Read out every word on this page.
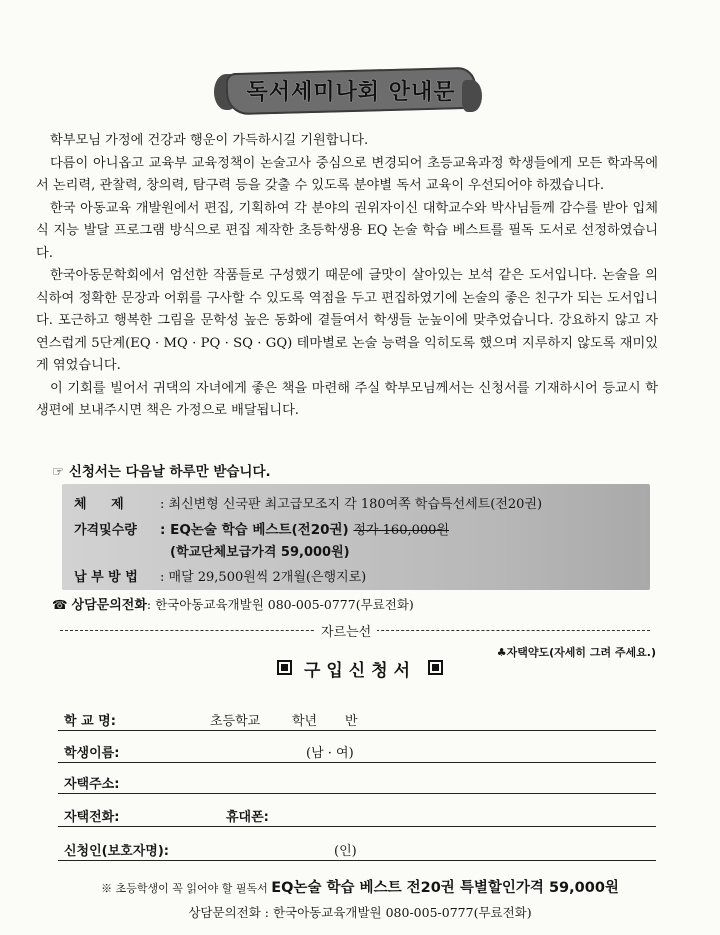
독서세미나회 안내문

학부모님 가정에 건강과 행운이 가득하시길 기원합니다.

다름이 아니옵고 교육부 교육정책이 논술고사 중심으로 변경되어 초등교육과정 학생들에게 모든 학과목에서 논리력, 관찰력, 창의력, 탐구력 등을 갖출 수 있도록 분야별 독서 교육이 우선되어야 하겠습니다.

한국 아동교육 개발원에서 편집, 기획하여 각 분야의 권위자이신 대학교수와 박사님들께 감수를 받아 입체식 지능 발달 프로그램 방식으로 편집 제작한 초등학생용 EQ 논술 학습 베스트를 필독 도서로 선정하였습니다.

한국아동문학회에서 엄선한 작품들로 구성했기 때문에 글맛이 살아있는 보석 같은 도서입니다. 논술을 의식하여 정확한 문장과 어휘를 구사할 수 있도록 역점을 두고 편집하였기에 논술의 좋은 친구가 되는 도서입니다. 포근하고 행복한 그림을 문학성 높은 동화에 곁들여서 학생들 눈높이에 맞추었습니다. 강요하지 않고 자연스럽게 5단계(EQ · MQ · PQ · SQ · GQ) 테마별로 논술 능력을 익히도록 했으며 지루하지 않도록 재미있게 엮었습니다.

이 기회를 빌어서 귀댁의 자녀에게 좋은 책을 마련해 주실 학부모님께서는 신청서를 기재하시어 등교시 학생편에 보내주시면 책은 가정으로 배달됩니다.

☞ 신청서는 다음날 하루만 받습니다.
체 제 : 최신변형 신국판 최고급모조지 각 180여쪽 학습특선세트(전20권)
가격및수량 : EQ논술 학습 베스트(전20권) 정가 160,000원
(학교단체보급가격 59,000원)
납 부 방 법 : 매달 29,500원씩 2개월(은행지로)
☎ 상담문의전화: 한국아동교육개발원 080-005-0777(무료전화)
자르는선
♣자택약도(자세히 그려 주세요.)
구입신청서
학 교 명:	초등학교 학년 반
학생이름:	(남 · 여)
자택주소:
자택전화:	휴대폰:
신청인(보호자명):	(인)
※ 초등학생이 꼭 읽어야 할 필독서 EQ논술 학습 베스트 전20권 특별할인가격 59,000원
상담문의전화 : 한국아동교육개발원 080-005-0777(무료전화)
